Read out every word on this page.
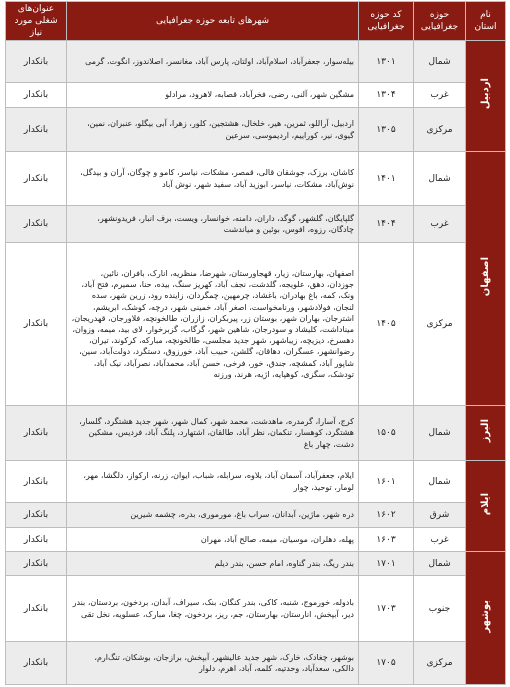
نام استان	حوزه جغرافیایی	کد حوزه جغرافیایی	شهرهای تابعه حوزه جغرافیایی	عنوان‌های شغلی مورد نیاز
اردبیل	شمال	۱۳۰۱	بیله‌سوار، جعفرآباد، اسلام‌آباد، اولتان، پارس آباد، مغانسر، اصلاندوز، انگوت، گرمی	بانکدار
	غرب	۱۳۰۴	مشگین شهر، آلنی، رضی، فخرآباد، قصابه، لاهرود، مرادلو	بانکدار
	مرکزی	۱۳۰۵	اردبیل، آراللو، ثمرین، هیر، خلخال، هشتجین، کلور، زهرا، آبی بیگلو، عنبران، نمین، گیوی، نیر، کوراییم، اردیموسی، سرعین	بانکدار
اصفهان	شمال	۱۴۰۱	کاشان، برزک، جوشقان قالی، قمصر، مشکات، نیاسر، کامو و چوگان، آران و بیدگل، نوش‌آباد، مشکات، نیاسر، ابوزید آباد، سفید شهر، نوش آباد	بانکدار
	غرب	۱۴۰۴	گلپایگان، گلشهر، گوگد، داران، دامنه، خوانسار، ویست، برف انبار، فریدونشهر، چادگان، رزوه، افوس، بوئین و میاندشت	بانکدار
	مرکزی	۱۴۰۵	اصفهان، بهارستان، زیار، قهجاورستان، شهرضا، منظریه، انارک، بافران، نائین، جوزدان، دهق، علویجه، گلدشت، نجف آباد، کهریز سنگ، بیده، حنا، سمیرم، فتح آباد، ونک، کمه، باغ بهادران، باغشاد، چرمهین، چمگردان، زاینده رود، زرین شهر، سده لنجان، فولادشهر، ورنامخواست، اصغر آباد، خمینی شهر، درچه، کوشک، ابریشم، اشترجان، بهاران شهر، بوستان زر، پیربکران، زازران، طالخونچه، فلاورجان، قهدریجان، میناداشت، کلیشاد و سودرجان، شاهین شهر، گرگاب، گزبرخوار، لای بید، میمه، وزوان، دهسرخ، دیزیچه، زیباشهر، شهر جدید مجلسی، طالخونچه، مبارکه، کرکوند، تیران، رضوانشهر، عسگران، دهاقان، گلشن، حبیب آباد، خورزوق، دستگرد، دولت‌آباد، سین، شاپور آباد، کمشچه، جندق، خور، فرخی، حسن آباد، محمدآباد، نصرآباد، نیک آباد، تودشک، سگزی، کوهپایه، اژیه، هرند، ورزنه	بانکدار
البرز	شمال	۱۵۰۵	کرج، آسارا، گرمدره، ماهدشت، محمد شهر، کمال شهر، شهر جدید هشتگرد، گلسار، هشتگرد، کوهسار، تنکمان، نظر آباد، طالقان، اشتهارد، پلنگ آباد، فردیس، مشکین دشت، چهار باغ	بانکدار
ایلام	شمال	۱۶۰۱	ایلام، جعفرآباد، آسمان آباد، بلاوه، سرابله، شباب، ایوان، زرنه، ارکواز، دلگشا، مهر، لومار، توحید، چوار	بانکدار
	شرق	۱۶۰۲	دره شهر، ماژین، آبدانان، سراب باغ، مورموری، بدره، چشمه شیرین	بانکدار
	غرب	۱۶۰۳	پهله، دهلران، موسیان، میمه، صالح آباد، مهران	بانکدار
بوشهر	شمال	۱۷۰۱	بندر ریگ، بندر گناوه، امام حسن، بندر دیلم	بانکدار
	جنوب	۱۷۰۳	بادوله، خورموج، شنبه، کاکی، بندر کنگان، بنک، سیراف، آبدان، بردخون، بردستان، بندر دیر، آبپخش، انارستان، بهارستان، جم، ریز، بردخون، چغا، مبارک، عسلویه، نخل تقی	بانکدار
	مرکزی	۱۷۰۵	بوشهر، چغادک، خارک، شهر جدید عالیشهر، آبپخش، برازجان، بوشکان، تنگ‌ارم، دالکی، سعدآباد، وحدتیه، کلمه، آباد، اهرم، دلوار	بانکدار
